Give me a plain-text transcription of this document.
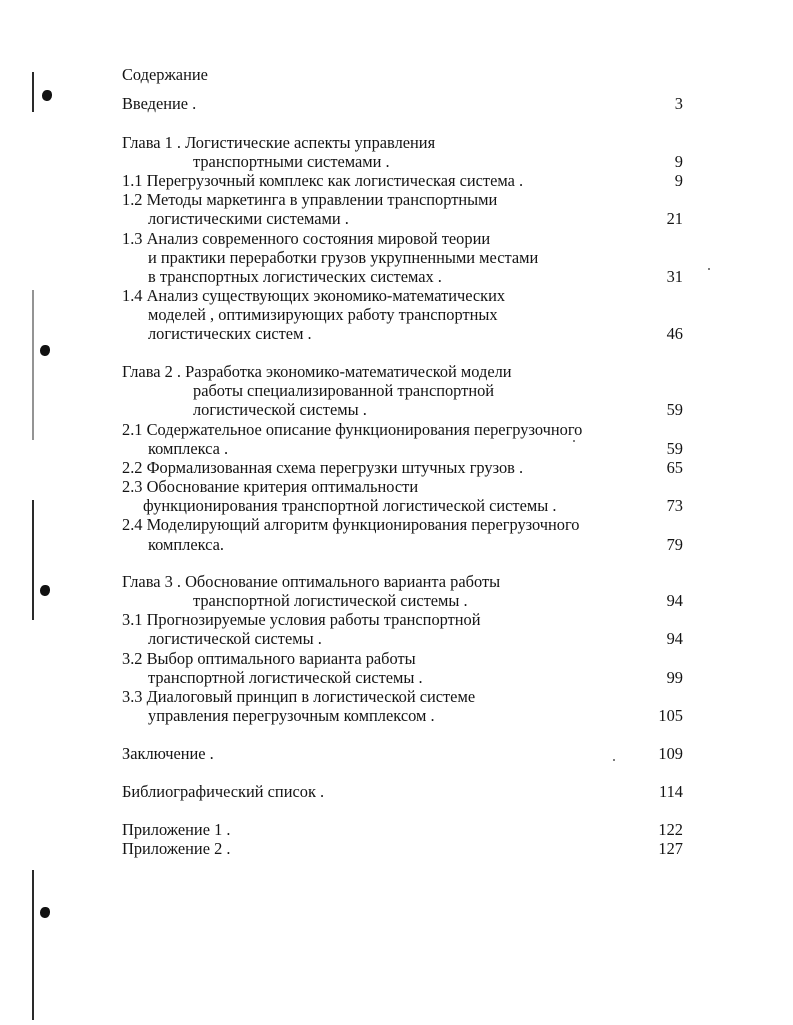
Содержание
Введение .	3
Глава 1 . Логистические аспекты управления
транспортными системами .	9
1.1 Перегрузочный комплекс как логистическая система .	9
1.2 Методы маркетинга в управлении транспортными
логистическими системами .	21
1.3 Анализ современного состояния мировой теории
и практики переработки грузов укрупненными местами
в транспортных логистических системах .	31
1.4 Анализ существующих экономико-математических
моделей , оптимизирующих работу транспортных
логистических систем .	46
Глава 2 . Разработка экономико-математической модели
работы специализированной транспортной
логистической системы .	59
2.1 Содержательное описание функционирования перегрузочного
комплекса .	59
2.2 Формализованная схема перегрузки штучных грузов .	65
2.3 Обоснование критерия оптимальности
функционирования транспортной логистической системы .	73
2.4 Моделирующий алгоритм функционирования перегрузочного
комплекса.	79
Глава 3 . Обоснование оптимального варианта работы
транспортной логистической системы .	94
3.1 Прогнозируемые условия работы транспортной
логистической системы .	94
3.2 Выбор оптимального варианта работы
транспортной логистической системы .	99
3.3 Диалоговый принцип в логистической системе
управления перегрузочным комплексом .	105
Заключение .	109
Библиографический список .	114
Приложение 1 .	122
Приложение 2 .	127
